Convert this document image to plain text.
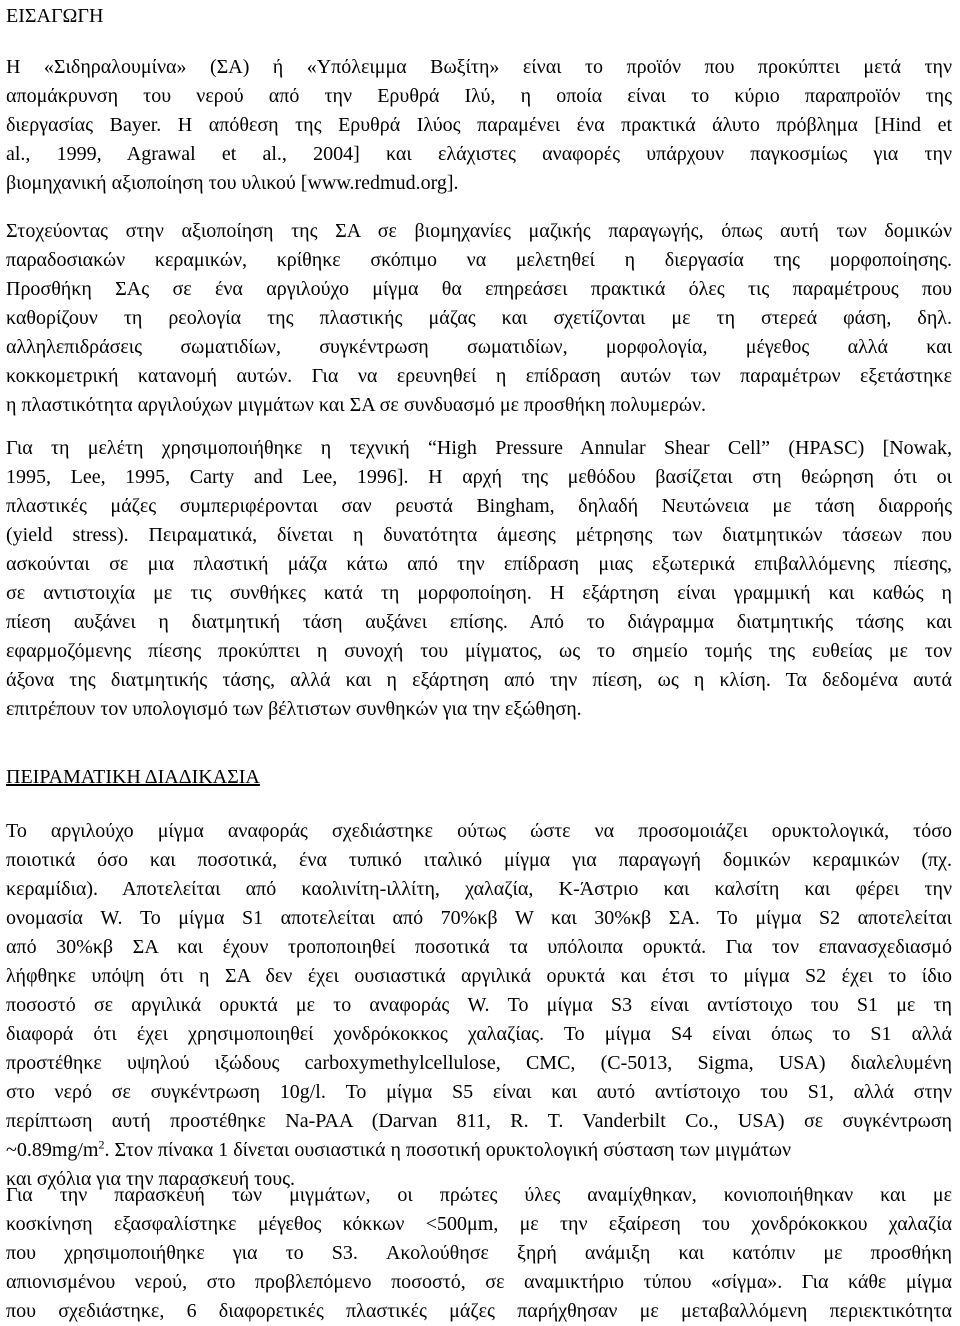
ΕΙΣΑΓΩΓΗ
Η «Σιδηραλουμίνα» (ΣΑ) ή «Υπόλειμμα Βωξίτη» είναι το προϊόν που προκύπτει μετά την
απομάκρυνση του νερού από την Ερυθρά Ιλύ, η οποία είναι το κύριο παραπροϊόν της
διεργασίας Bayer. Η απόθεση της Ερυθρά Ιλύος παραμένει ένα πρακτικά άλυτο πρόβλημα [Hind et
al., 1999, Agrawal et al., 2004] και ελάχιστες αναφορές υπάρχουν παγκοσμίως για την
βιομηχανική αξιοποίηση του υλικού [www.redmud.org].
Στοχεύοντας στην αξιοποίηση της ΣΑ σε βιομηχανίες μαζικής παραγωγής, όπως αυτή των δομικών
παραδοσιακών κεραμικών, κρίθηκε σκόπιμο να μελετηθεί η διεργασία της μορφοποίησης.
Προσθήκη ΣΑς σε ένα αργιλούχο μίγμα θα επηρεάσει πρακτικά όλες τις παραμέτρους που
καθορίζουν τη ρεολογία της πλαστικής μάζας και σχετίζονται με τη στερεά φάση, δηλ.
αλληλεπιδράσεις σωματιδίων, συγκέντρωση σωματιδίων, μορφολογία, μέγεθος αλλά και
κοκκομετρική κατανομή αυτών. Για να ερευνηθεί η επίδραση αυτών των παραμέτρων εξετάστηκε
η πλαστικότητα αργιλούχων μιγμάτων και ΣΑ σε συνδυασμό με προσθήκη πολυμερών.
Για τη μελέτη χρησιμοποιήθηκε η τεχνική “High Pressure Annular Shear Cell” (HPASC) [Nowak,
1995, Lee, 1995, Carty and Lee, 1996]. Η αρχή της μεθόδου βασίζεται στη θεώρηση ότι οι
πλαστικές μάζες συμπεριφέρονται σαν ρευστά Bingham, δηλαδή Νευτώνεια με τάση διαρροής
(yield stress). Πειραματικά, δίνεται η δυνατότητα άμεσης μέτρησης των διατμητικών τάσεων που
ασκούνται σε μια πλαστική μάζα κάτω από την επίδραση μιας εξωτερικά επιβαλλόμενης πίεσης,
σε αντιστοιχία με τις συνθήκες κατά τη μορφοποίηση. Η εξάρτηση είναι γραμμική και καθώς η
πίεση αυξάνει η διατμητική τάση αυξάνει επίσης. Από το διάγραμμα διατμητικής τάσης και
εφαρμοζόμενης πίεσης προκύπτει η συνοχή του μίγματος, ως το σημείο τομής της ευθείας με τον
άξονα της διατμητικής τάσης, αλλά και η εξάρτηση από την πίεση, ως η κλίση. Τα δεδομένα αυτά
επιτρέπουν τον υπολογισμό των βέλτιστων συνθηκών για την εξώθηση.
ΠΕΙΡΑΜΑΤΙΚΗ ΔΙΑΔΙΚΑΣΙΑ
Το αργιλούχο μίγμα αναφοράς σχεδιάστηκε ούτως ώστε να προσομοιάζει ορυκτολογικά, τόσο
ποιοτικά όσο και ποσοτικά, ένα τυπικό ιταλικό μίγμα για παραγωγή δομικών κεραμικών (πχ.
κεραμίδια). Αποτελείται από καολινίτη-ιλλίτη, χαλαζία, Κ-Άστριο και καλσίτη και φέρει την
ονομασία W. Το μίγμα S1 αποτελείται από 70%κβ W και 30%κβ ΣΑ. Το μίγμα S2 αποτελείται
από 30%κβ ΣΑ και έχουν τροποποιηθεί ποσοτικά τα υπόλοιπα ορυκτά. Για τον επανασχεδιασμό
λήφθηκε υπόψη ότι η ΣΑ δεν έχει ουσιαστικά αργιλικά ορυκτά και έτσι το μίγμα S2 έχει το ίδιο
ποσοστό σε αργιλικά ορυκτά με το αναφοράς W. Το μίγμα S3 είναι αντίστοιχο του S1 με τη
διαφορά ότι έχει χρησιμοποιηθεί χονδρόκοκκος χαλαζίας. Το μίγμα S4 είναι όπως το S1 αλλά
προστέθηκε υψηλού ιξώδους carboxymethylcellulose, CMC, (C-5013, Sigma, USA) διαλελυμένη
στο νερό σε συγκέντρωση 10g/l. Το μίγμα S5 είναι και αυτό αντίστοιχο του S1, αλλά στην
περίπτωση αυτή προστέθηκε Na-PAA (Darvan 811, R. T. Vanderbilt Co., USA) σε συγκέντρωση
$\sim 0.89mg/m^2$. Στον πίνακα 1 δίνεται ουσιαστικά η ποσοτική ορυκτολογική σύσταση των μιγμάτων
και σχόλια για την παρασκευή τους.
Για την παρασκευή των μιγμάτων, οι πρώτες ύλες αναμίχθηκαν, κονιοποιήθηκαν και με
κοσκίνηση εξασφαλίστηκε μέγεθος κόκκων <500μm, με την εξαίρεση του χονδρόκοκκου χαλαζία
που χρησιμοποιήθηκε για το S3. Ακολούθησε ξηρή ανάμιξη και κατόπιν με προσθήκη
απιονισμένου νερού, στο προβλεπόμενο ποσοστό, σε αναμικτήριο τύπου «σίγμα». Για κάθε μίγμα
που σχεδιάστηκε, 6 διαφορετικές πλαστικές μάζες παρήχθησαν με μεταβαλλόμενη περιεκτικότητα
